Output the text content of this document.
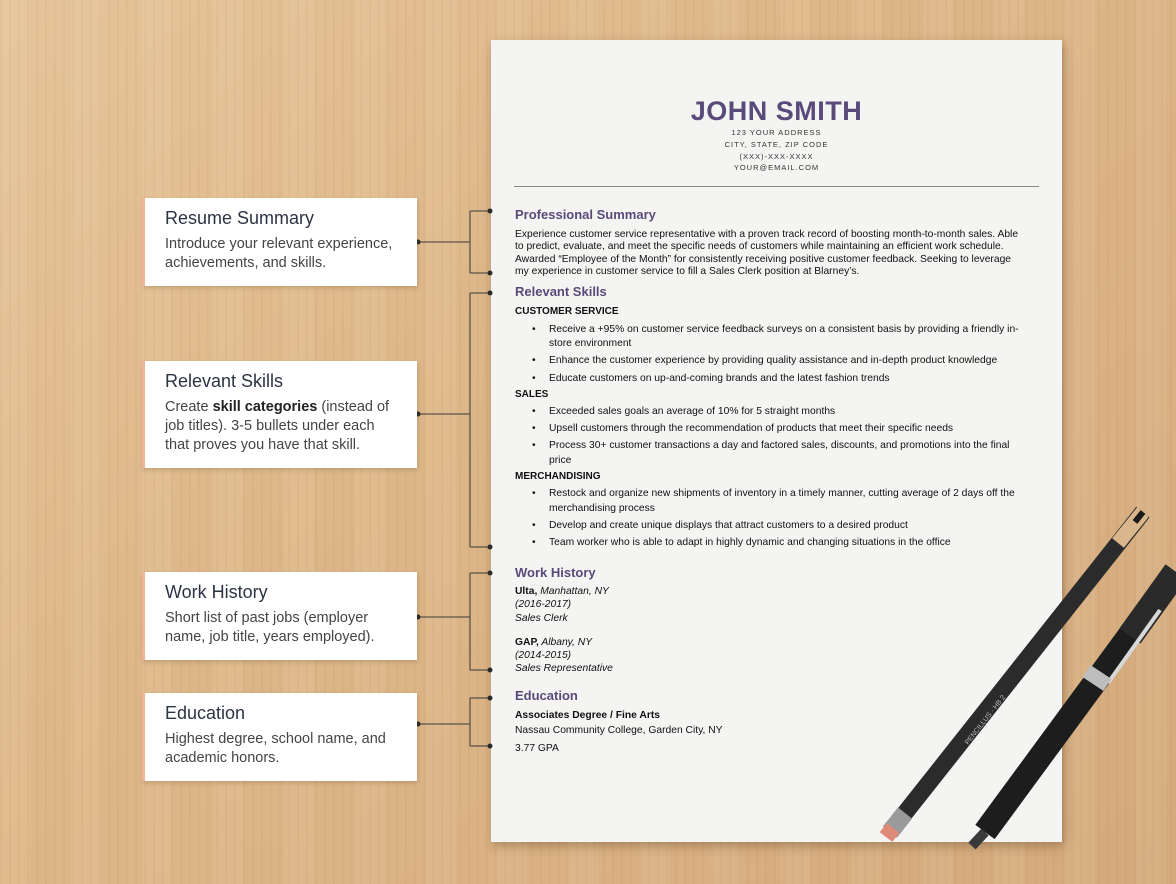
JOHN SMITH
123 YOUR ADDRESS
CITY, STATE, ZIP CODE
(XXX)-XXX-XXXX
YOUR@EMAIL.COM
Professional Summary
Experience customer service representative with a proven track record of boosting month-to-month sales. Able
to predict, evaluate, and meet the specific needs of customers while maintaining an efficient work schedule.
Awarded “Employee of the Month” for consistently receiving positive customer feedback. Seeking to leverage
my experience in customer service to fill a Sales Clerk position at Blarney’s.
Relevant Skills
CUSTOMER SERVICE
• Receive a +95% on customer service feedback surveys on a consistent basis by providing a friendly in-
store environment
• Enhance the customer experience by providing quality assistance and in-depth product knowledge
• Educate customers on up-and-coming brands and the latest fashion trends
SALES
• Exceeded sales goals an average of 10% for 5 straight months
• Upsell customers through the recommendation of products that meet their specific needs
• Process 30+ customer transactions a day and factored sales, discounts, and promotions into the final
price
MERCHANDISING
• Restock and organize new shipments of inventory in a timely manner, cutting average of 2 days off the
merchandising process
• Develop and create unique displays that attract customers to a desired product
• Team worker who is able to adapt in highly dynamic and changing situations in the office
Work History
Ulta, Manhattan, NY
(2016-2017)
Sales Clerk
GAP, Albany, NY
(2014-2015)
Sales Representative
Education
Associates Degree / Fine Arts
Nassau Community College, Garden City, NY
3.77 GPA
Resume Summary
Introduce your relevant experience,
achievements, and skills.
Relevant Skills
Create skill categories (instead of
job titles). 3-5 bullets under each
that proves you have that skill.
Work History
Short list of past jobs (employer
name, job title, years employed).
Education
Highest degree, school name, and
academic honors.
PENCILLUS · HB 2
